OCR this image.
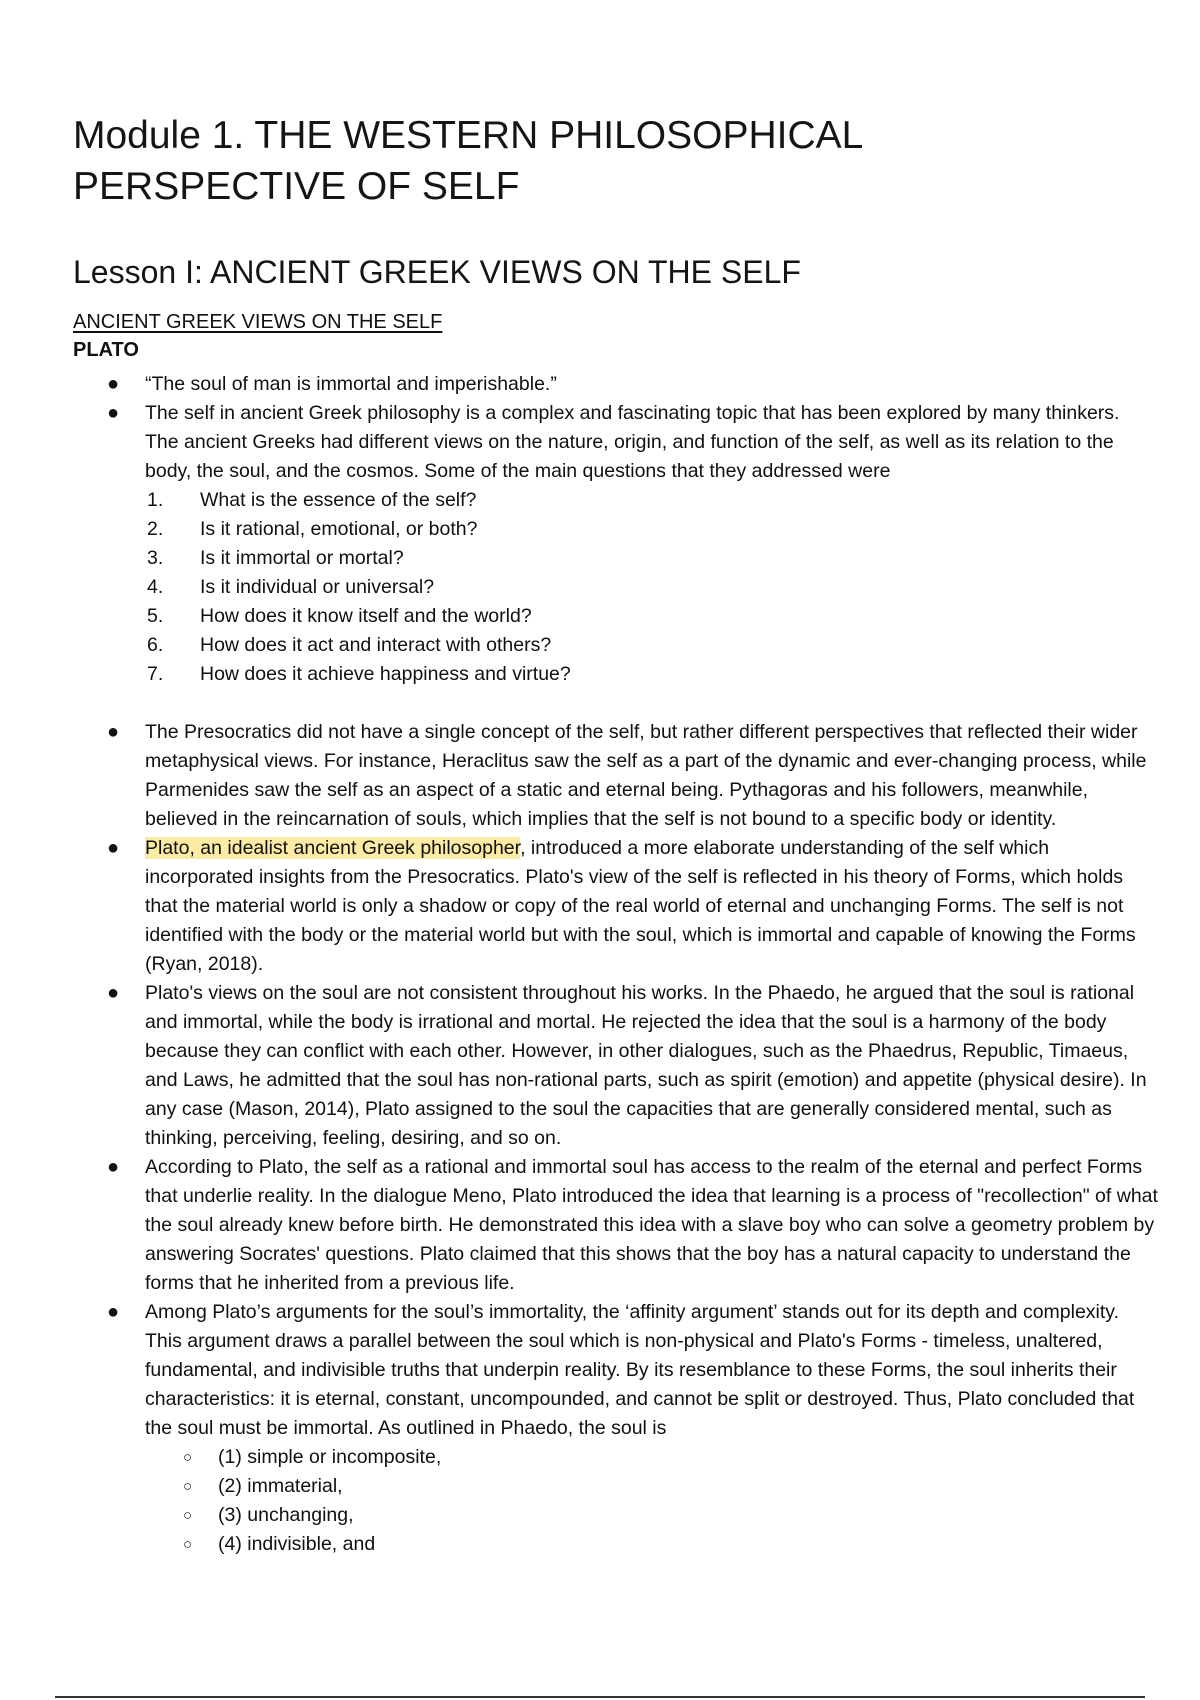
Module 1. THE WESTERN PHILOSOPHICAL PERSPECTIVE OF SELF
Lesson I: ANCIENT GREEK VIEWS ON THE SELF
ANCIENT GREEK VIEWS ON THE SELF
PLATO
● “The soul of man is immortal and imperishable.”
● The self in ancient Greek philosophy is a complex and fascinating topic that has been explored by many thinkers. The ancient Greeks had different views on the nature, origin, and function of the self, as well as its relation to the body, the soul, and the cosmos. Some of the main questions that they addressed were
1. What is the essence of the self?
2. Is it rational, emotional, or both?
3. Is it immortal or mortal?
4. Is it individual or universal?
5. How does it know itself and the world?
6. How does it act and interact with others?
7. How does it achieve happiness and virtue?
● The Presocratics did not have a single concept of the self, but rather different perspectives that reflected their wider metaphysical views. For instance, Heraclitus saw the self as a part of the dynamic and ever-changing process, while Parmenides saw the self as an aspect of a static and eternal being. Pythagoras and his followers, meanwhile, believed in the reincarnation of souls, which implies that the self is not bound to a specific body or identity.
● Plato, an idealist ancient Greek philosopher, introduced a more elaborate understanding of the self which incorporated insights from the Presocratics. Plato's view of the self is reflected in his theory of Forms, which holds that the material world is only a shadow or copy of the real world of eternal and unchanging Forms. The self is not identified with the body or the material world but with the soul, which is immortal and capable of knowing the Forms (Ryan, 2018).
● Plato's views on the soul are not consistent throughout his works. In the Phaedo, he argued that the soul is rational and immortal, while the body is irrational and mortal. He rejected the idea that the soul is a harmony of the body because they can conflict with each other. However, in other dialogues, such as the Phaedrus, Republic, Timaeus, and Laws, he admitted that the soul has non-rational parts, such as spirit (emotion) and appetite (physical desire). In any case (Mason, 2014), Plato assigned to the soul the capacities that are generally considered mental, such as thinking, perceiving, feeling, desiring, and so on.
● According to Plato, the self as a rational and immortal soul has access to the realm of the eternal and perfect Forms that underlie reality. In the dialogue Meno, Plato introduced the idea that learning is a process of "recollection" of what the soul already knew before birth. He demonstrated this idea with a slave boy who can solve a geometry problem by answering Socrates' questions. Plato claimed that this shows that the boy has a natural capacity to understand the forms that he inherited from a previous life.
● Among Plato’s arguments for the soul’s immortality, the ‘affinity argument’ stands out for its depth and complexity. This argument draws a parallel between the soul which is non-physical and Plato's Forms - timeless, unaltered, fundamental, and indivisible truths that underpin reality. By its resemblance to these Forms, the soul inherits their characteristics: it is eternal, constant, uncompounded, and cannot be split or destroyed. Thus, Plato concluded that the soul must be immortal. As outlined in Phaedo, the soul is
○ (1) simple or incomposite,
○ (2) immaterial,
○ (3) unchanging,
○ (4) indivisible, and
